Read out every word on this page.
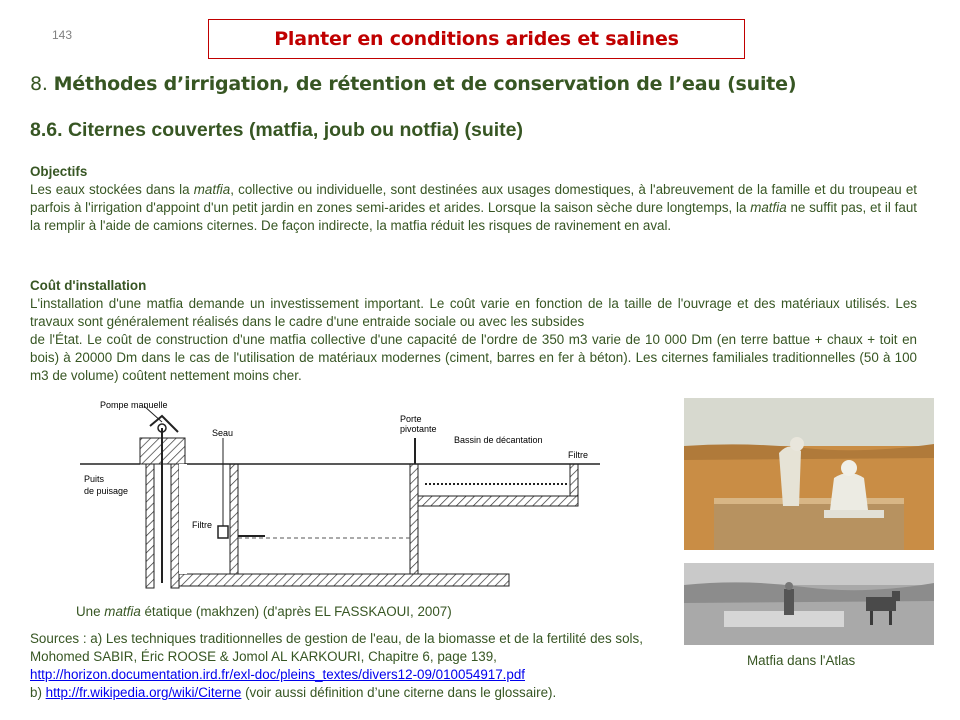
143	Planter en conditions arides et salines
8. Méthodes d’irrigation, de rétention et de conservation de l’eau (suite)
8.6. Citernes couvertes (matfia, joub ou notfia) (suite)
Objectifs

Les eaux stockées dans la matfia, collective ou individuelle, sont destinées aux usages domestiques, à l'abreuvement de la famille et du troupeau et parfois à l'irrigation d'appoint d'un petit jardin en zones semi-arides et arides. Lorsque la saison sèche dure longtemps, la matfia ne suffit pas, et il faut la remplir à l'aide de camions citernes. De façon indirecte, la matfia réduit les risques de ravinement en aval.

Coût d'installation

L'installation d'une matfia demande un investissement important. Le coût varie en fonction de la taille de l'ouvrage et des matériaux utilisés. Les travaux sont généralement réalisés dans le cadre d'une entraide sociale ou avec les subsides

de l'État. Le coût de construction d'une matfia collective d'une capacité de l'ordre de 350 m3 varie de 10 000 Dm (en terre battue + chaux + toit en bois) à 20000 Dm dans le cas de l'utilisation de matériaux modernes (ciment, barres en fer à béton). Les citernes familiales traditionnelles (50 à 100 m3 de volume) coûtent nettement moins cher.

Pompe manuelle
Seau
Porte
pivotante
Bassin de décantation
Filtre
Puits
de puisage
Filtre
Une matfia étatique (makhzen) (d'après EL FASSKAOUI, 2007)
Sources : a) Les techniques traditionnelles de gestion de l'eau, de la biomasse et de la fertilité des sols, Mohomed SABIR, Éric ROOSE & Jomol AL KARKOURI, Chapitre 6, page 139, http://horizon.documentation.ird.fr/exl-doc/pleins_textes/divers12-09/010054917.pdf
b) http://fr.wikipedia.org/wiki/Citerne (voir aussi définition d’une citerne dans le glossaire).
Matfia dans l'Atlas
